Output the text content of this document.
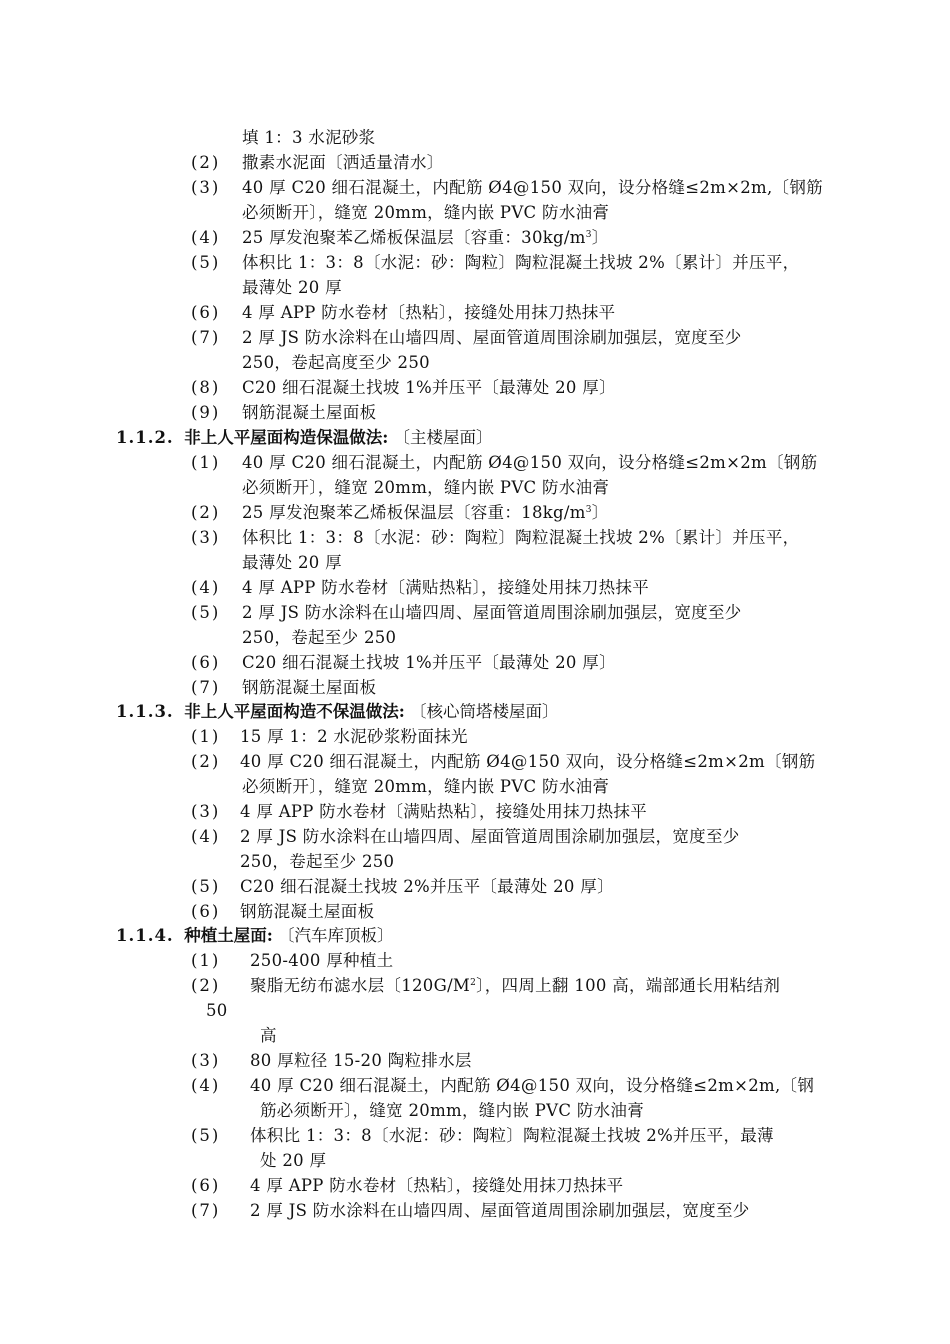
填 1：3 水泥砂浆
(2) 撒素水泥面〔洒适量清水〕
(3) 40 厚 C20 细石混凝土，内配筋 Ø4@150 双向，设分格缝≤2m×2m,〔钢筋
必须断开〕，缝宽 20mm，缝内嵌 PVC 防水油膏
(4) 25 厚发泡聚苯乙烯板保温层〔容重：$30kg/m^3$〕
(5) 体积比 1：3：8〔水泥：砂：陶粒〕陶粒混凝土找坡 2%〔累计〕并压平，
最薄处 20 厚
(6) 4 厚 APP 防水卷材〔热粘〕，接缝处用抹刀热抹平
(7) 2 厚 JS 防水涂料在山墙四周、屋面管道周围涂刷加强层，宽度至少
250，卷起高度至少 250
(8) C20 细石混凝土找坡 1%并压平〔最薄处 20 厚〕
(9) 钢筋混凝土屋面板
1.1.2. 非上人平屋面构造保温做法: 〔主楼屋面〕
(1) 40 厚 C20 细石混凝土，内配筋 Ø4@150 双向，设分格缝≤2m×2m〔钢筋
必须断开〕，缝宽 20mm，缝内嵌 PVC 防水油膏
(2) 25 厚发泡聚苯乙烯板保温层〔容重：$18kg/m^3$〕
(3) 体积比 1：3：8〔水泥：砂：陶粒〕陶粒混凝土找坡 2%〔累计〕并压平，
最薄处 20 厚
(4) 4 厚 APP 防水卷材〔满贴热粘〕，接缝处用抹刀热抹平
(5) 2 厚 JS 防水涂料在山墙四周、屋面管道周围涂刷加强层，宽度至少
250，卷起至少 250
(6) C20 细石混凝土找坡 1%并压平〔最薄处 20 厚〕
(7) 钢筋混凝土屋面板
1.1.3. 非上人平屋面构造不保温做法: 〔核心筒塔楼屋面〕
(1) 15 厚 1：2 水泥砂浆粉面抹光
(2) 40 厚 C20 细石混凝土，内配筋 Ø4@150 双向，设分格缝≤2m×2m〔钢筋
必须断开〕，缝宽 20mm，缝内嵌 PVC 防水油膏
(3) 4 厚 APP 防水卷材〔满贴热粘〕，接缝处用抹刀热抹平
(4) 2 厚 JS 防水涂料在山墙四周、屋面管道周围涂刷加强层，宽度至少
250，卷起至少 250
(5) C20 细石混凝土找坡 2%并压平〔最薄处 20 厚〕
(6) 钢筋混凝土屋面板
1.1.4. 种植土屋面: 〔汽车库顶板〕
(1) 250-400 厚种植土
(2) 聚脂无纺布滤水层〔$120G/M^2$〕，四周上翻 100 高，端部通长用粘结剂
50
高
(3) 80 厚粒径 15-20 陶粒排水层
(4) 40 厚 C20 细石混凝土，内配筋 Ø4@150 双向，设分格缝≤2m×2m,〔钢
筋必须断开〕，缝宽 20mm，缝内嵌 PVC 防水油膏
(5) 体积比 1：3：8〔水泥：砂：陶粒〕陶粒混凝土找坡 2%并压平，最薄
处 20 厚
(6) 4 厚 APP 防水卷材〔热粘〕，接缝处用抹刀热抹平
(7) 2 厚 JS 防水涂料在山墙四周、屋面管道周围涂刷加强层，宽度至少
